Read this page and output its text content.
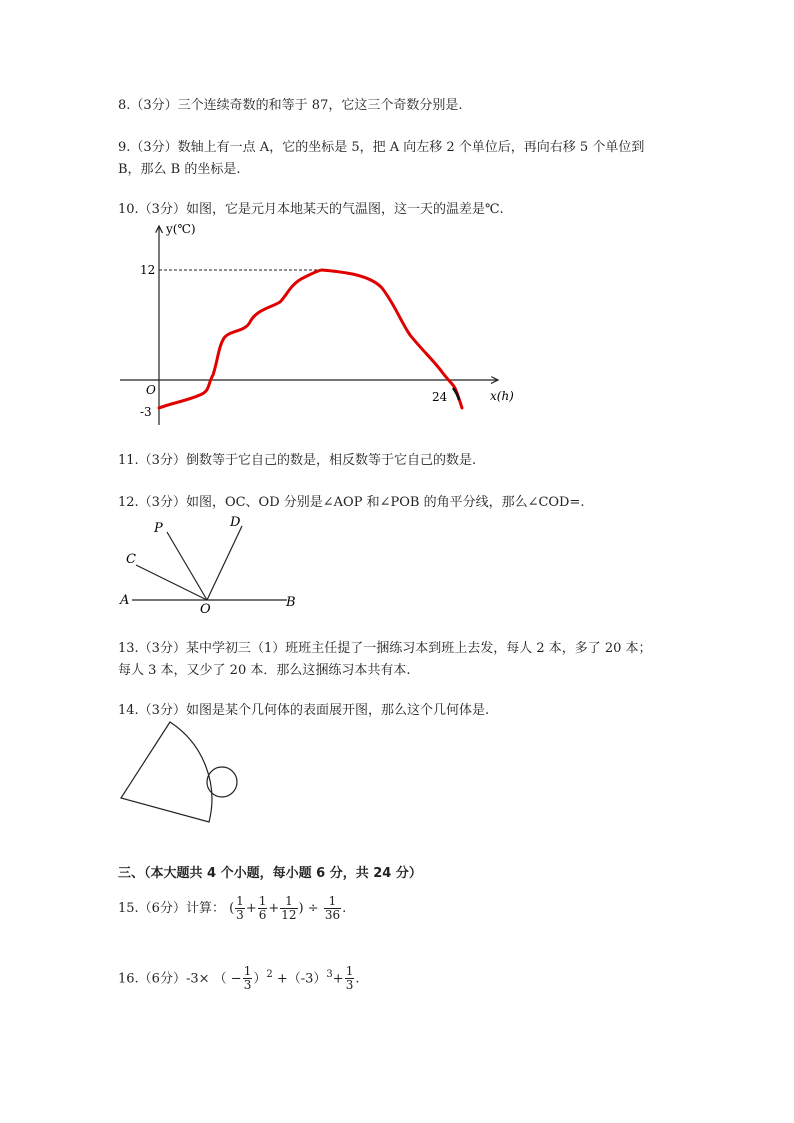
8.（3分）三个连续奇数的和等于 87，它这三个奇数分别是.
9.（3分）数轴上有一点 A，它的坐标是 5，把 A 向左移 2 个单位后，再向右移 5 个单位到
B，那么 B 的坐标是.
10.（3分）如图，它是元月本地某天的气温图，这一天的温差是℃.
y(℃)
x(h)
O
12
-3
24
11.（3分）倒数等于它自己的数是，相反数等于它自己的数是.
12.（3分）如图，OC、OD 分别是∠AOP 和∠POB 的角平分线，那么∠COD=.
A	B
C
D
P
O
13.（3分）某中学初三（1）班班主任提了一捆练习本到班上去发，每人 2 本，多了 20 本；
每人 3 本，又少了 20 本．那么这捆练习本共有本.
14.（3分）如图是某个几何体的表面展开图，那么这个几何体是.
三、（本大题共 4 个小题，每小题 6 分，共 24 分）
15.（6分）计算： ( $\frac{1}{3} + \frac{1}{6} + \frac{1}{12}$ ) ÷ $\frac{1}{36}$ .
16.（6分）-3× （ − $\frac{1}{3} )^2 +(-3)^3+ \frac{1}{3}$ .
